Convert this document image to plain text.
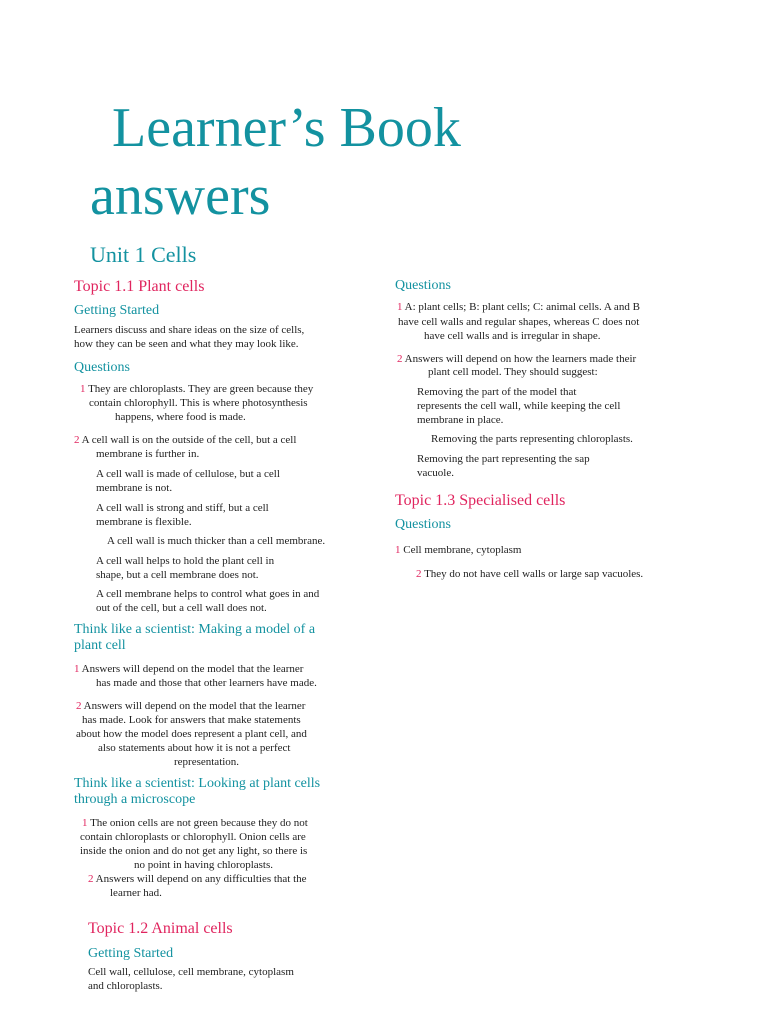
Learner’s Book
answers
Unit 1 Cells
Topic 1.1 Plant cells
Getting Started
Learners discuss and share ideas on the size of cells,
how they can be seen and what they may look like.
Questions
1 They are chloroplasts. They are green because they
contain chlorophyll. This is where photosynthesis
happens, where food is made.
2 A cell wall is on the outside of the cell, but a cell
membrane is further in.
A cell wall is made of cellulose, but a cell
membrane is not.
A cell wall is strong and stiff, but a cell
membrane is flexible.
A cell wall is much thicker than a cell membrane.
A cell wall helps to hold the plant cell in
shape, but a cell membrane does not.
A cell membrane helps to control what goes in and
out of the cell, but a cell wall does not.
Think like a scientist: Making a model of a
plant cell
1 Answers will depend on the model that the learner
has made and those that other learners have made.
2 Answers will depend on the model that the learner
has made. Look for answers that make statements
about how the model does represent a plant cell, and
also statements about how it is not a perfect
representation.
Think like a scientist: Looking at plant cells
through a microscope
1 The onion cells are not green because they do not
contain chloroplasts or chlorophyll. Onion cells are
inside the onion and do not get any light, so there is
no point in having chloroplasts.
2 Answers will depend on any difficulties that the
learner had.
Topic 1.2 Animal cells
Getting Started
Cell wall, cellulose, cell membrane, cytoplasm
and chloroplasts.
Questions
1 A: plant cells; B: plant cells; C: animal cells. A and B
have cell walls and regular shapes, whereas C does not
have cell walls and is irregular in shape.
2 Answers will depend on how the learners made their
plant cell model. They should suggest:
Removing the part of the model that
represents the cell wall, while keeping the cell
membrane in place.
Removing the parts representing chloroplasts.
Removing the part representing the sap
vacuole.
Topic 1.3 Specialised cells
Questions
1 Cell membrane, cytoplasm
2 They do not have cell walls or large sap vacuoles.
